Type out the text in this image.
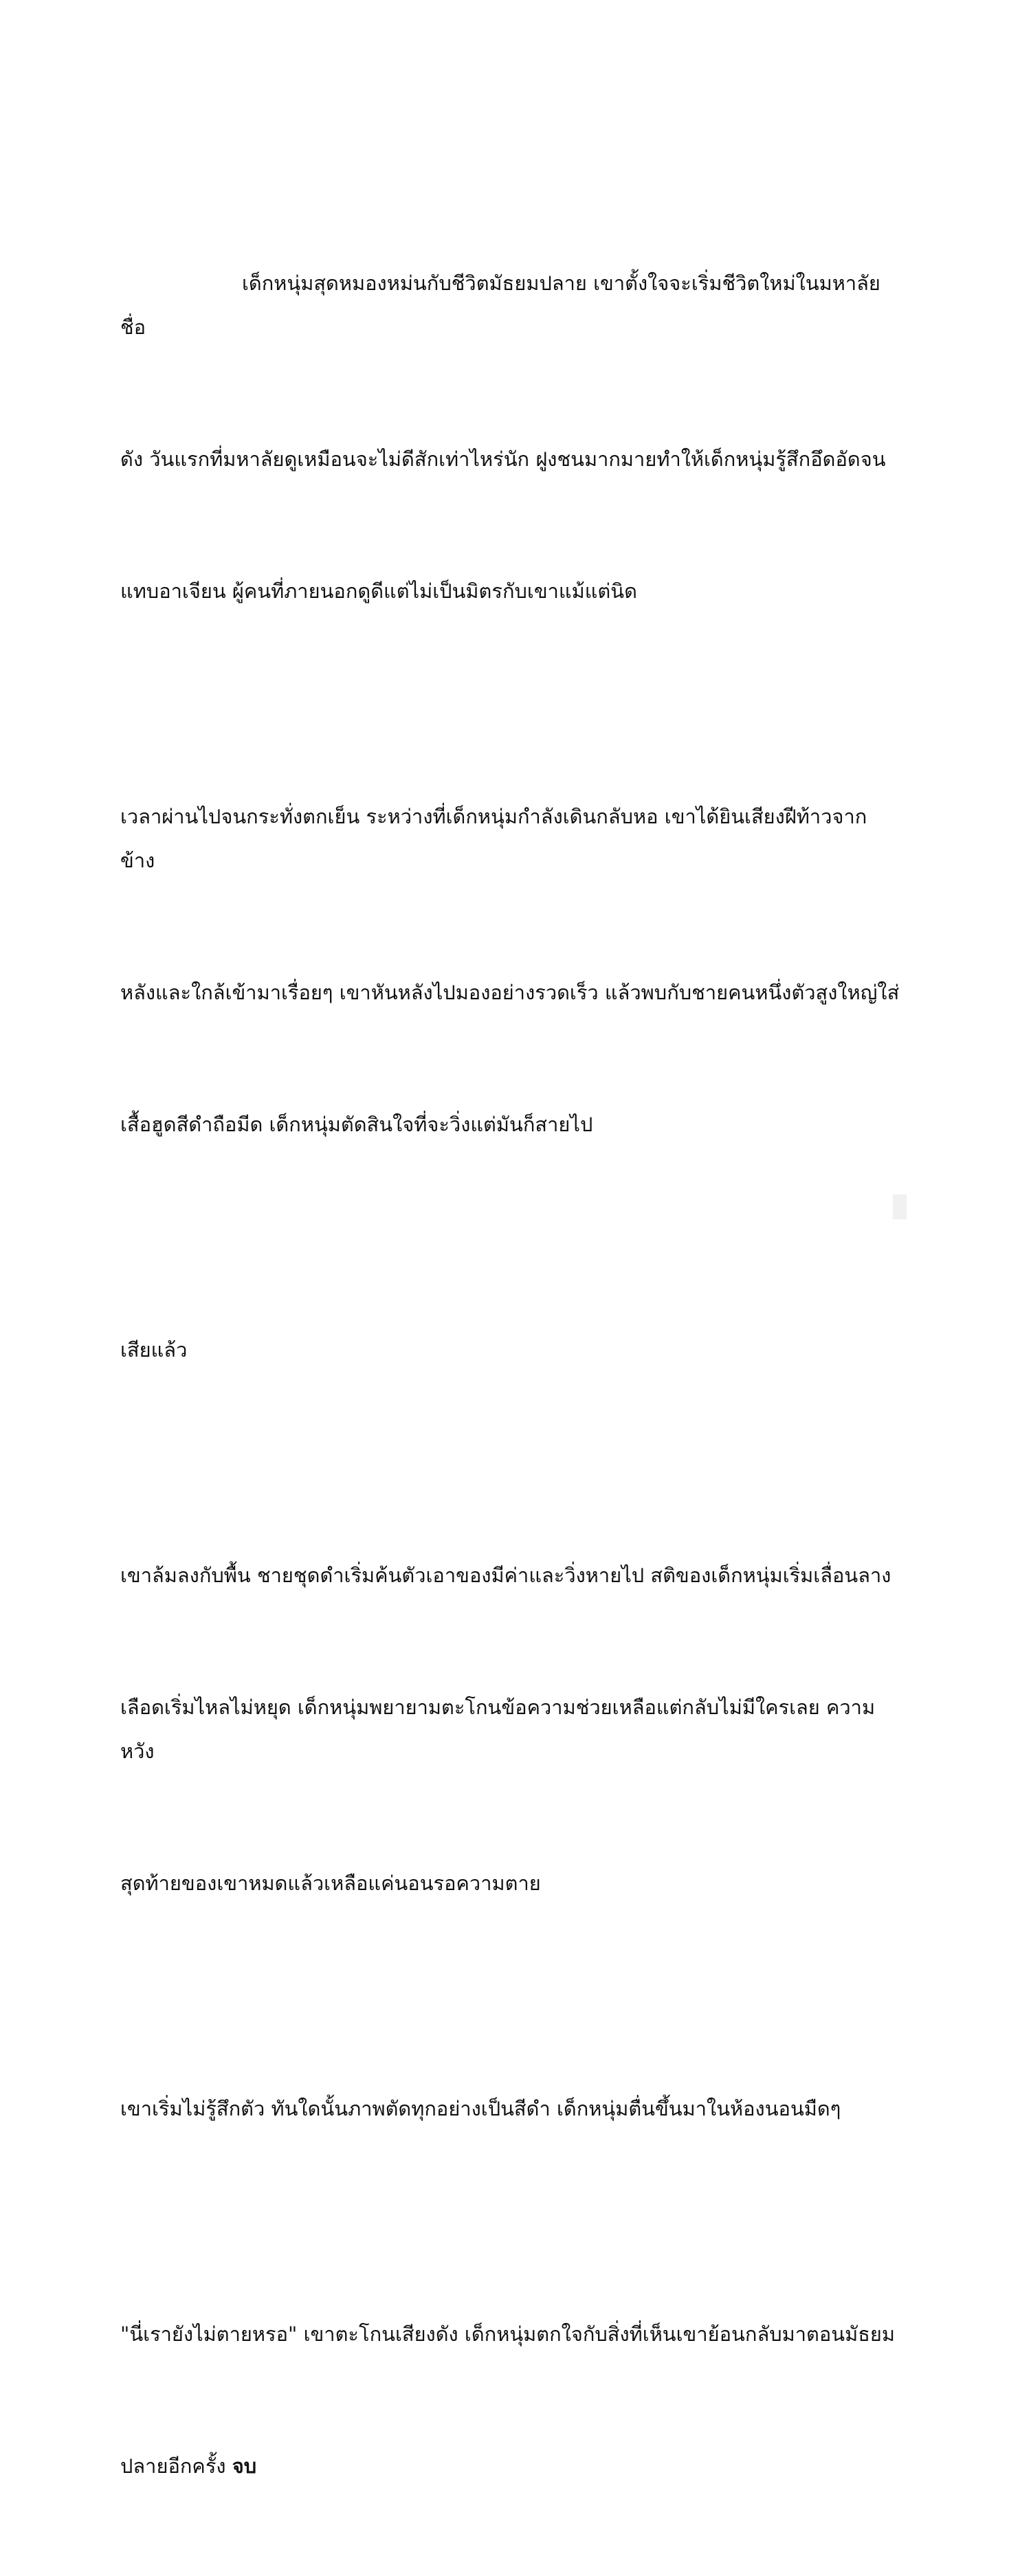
เด็กหนุ่มสุดหมองหม่นกับชีวิตมัธยมปลาย เขาตั้งใจจะเริ่มชีวิตใหม่ในมหาลัยชื่อ

ดัง วันแรกที่มหาลัยดูเหมือนจะไม่ดีสักเท่าไหร่นัก ฝูงชนมากมายทำให้เด็กหนุ่มรู้สึกอึดอัดจน

แทบอาเจียน ผู้คนที่ภายนอกดูดีแต่ไม่เป็นมิตรกับเขาแม้แต่นิด

เวลาผ่านไปจนกระทั่งตกเย็น ระหว่างที่เด็กหนุ่มกำลังเดินกลับหอ เขาได้ยินเสียงฝีท้าวจากข้าง

หลังและใกล้เข้ามาเรื่อยๆ เขาหันหลังไปมองอย่างรวดเร็ว แล้วพบกับชายคนหนึ่งตัวสูงใหญ่ใส่

เสื้อฮูดสีดำถือมีด เด็กหนุ่มตัดสินใจที่จะวิ่งแต่มันก็สายไป

เสียแล้ว

เขาล้มลงกับพื้น ชายชุดดำเริ่มค้นตัวเอาของมีค่าและวิ่งหายไป สติของเด็กหนุ่มเริ่มเลื่อนลาง

เลือดเริ่มไหลไม่หยุด เด็กหนุ่มพยายามตะโกนข้อความช่วยเหลือแต่กลับไม่มีใครเลย ความหวัง

สุดท้ายของเขาหมดแล้วเหลือแค่นอนรอความตาย

เขาเริ่มไม่รู้สึกตัว ทันใดนั้นภาพตัดทุกอย่างเป็นสีดำ เด็กหนุ่มตื่นขึ้นมาในห้องนอนมืดๆ

"นี่เรายังไม่ตายหรอ" เขาตะโกนเสียงดัง เด็กหนุ่มตกใจกับสิ่งที่เห็นเขาย้อนกลับมาตอนมัธยม

ปลายอีกครั้ง จบ
